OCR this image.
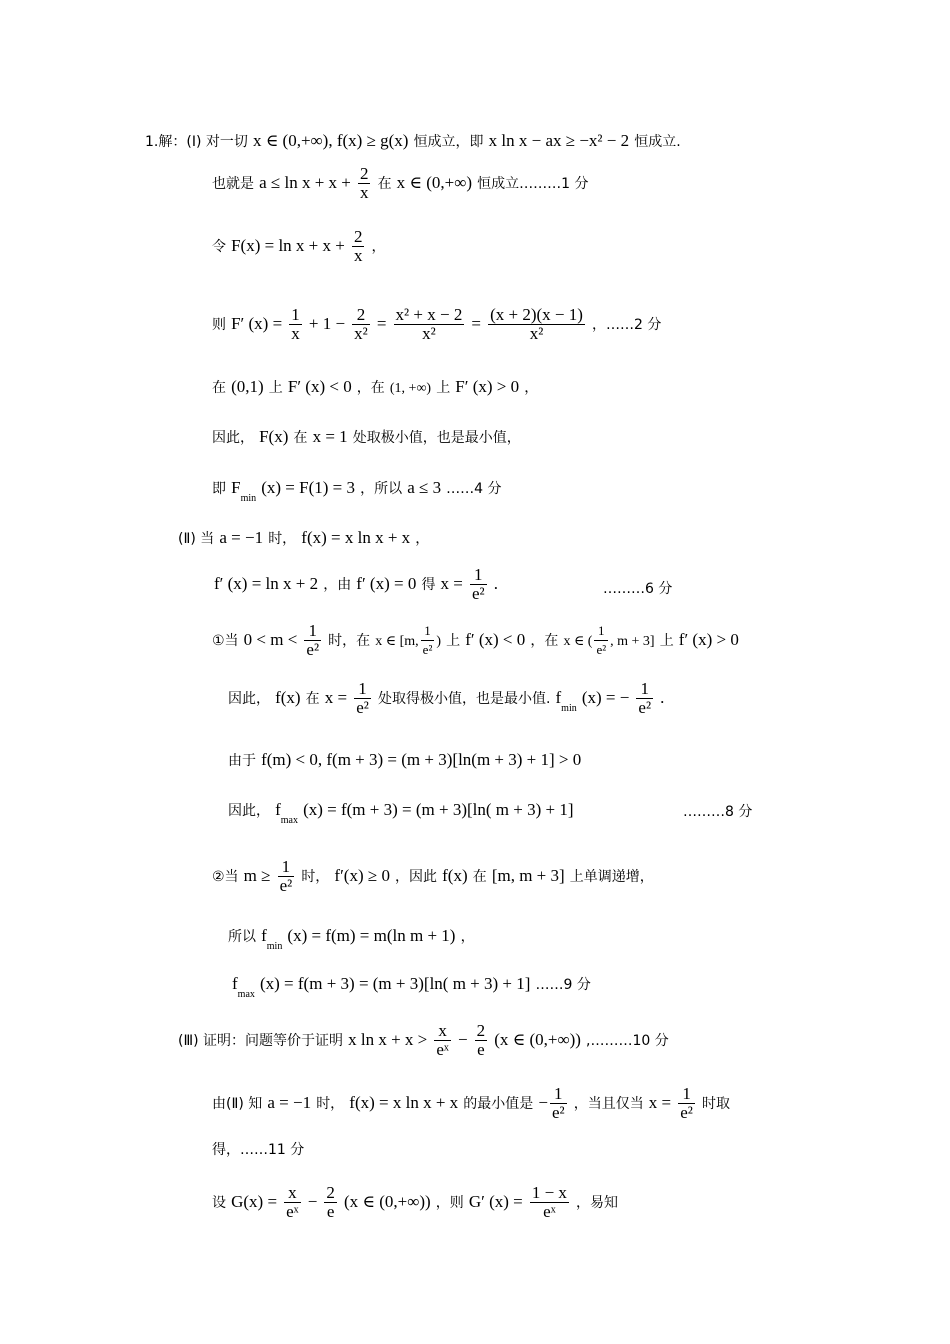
1.解：(Ⅰ) 对一切 x ∈ (0,+∞), f(x) ≥ g(x) 恒成立，即 x ln x − ax ≥ −x² − 2 恒成立.
也就是 $a \le \ln x + x + \frac{2}{x}$ 在 x ∈ (0,+∞) 恒成立………1 分
令 $F(x) = \ln x + x + \frac{2}{x}$ ，
则 F′ $(x) = \frac{1}{x} + 1 - \frac{2}{\text{x²}} = \frac{\text{x² + x − 2}}{\text{x²}} = \frac{(x + 2)(x - 1)}{\text{x²}}$ ，……2 分
在 (0,1) 上 F′ (x) < 0 ，在 (1, +∞) 上 F′ (x) > 0 ，
因此， F(x) 在 x = 1 处取极小值，也是最小值，
即 $F_{min}$ (x) = F(1) = 3 ，所以 a ≤ 3 ……4 分
(Ⅱ) 当 a = −1 时， f(x) = x ln x + x ，
f′ (x) = ln x + 2 ，由 f′ (x) = 0 得 $x = \frac{1}{\text{e²}}$ .	………6 分
①当 $0 < m < \frac{1}{\text{e²}}$ 时，在 x ∈ [m, $\frac{1}{\text{e²}}$ ) 上 f′ (x) < 0 ，在 x ∈ ( $\frac{1}{\text{e²}}$ , m + 3] 上 f′ (x) > 0
因此， f(x) 在 $x = \frac{1}{\text{e²}}$ 处取得极小值，也是最小值. $f_{min}$ (x) = − $\frac{1}{\text{e²}}$ .
由于 f(m) < 0, f(m + 3) = (m + 3)[ln(m + 3) + 1] > 0
因此， $f_{max}$ (x) = f(m + 3) = (m + 3)[ln( m + 3) + 1]	………8 分
②当 $m \ge \frac{1}{\text{e²}}$ 时， f′(x) ≥ 0 ，因此 f(x) 在 [m, m + 3] 上单调递增，
所以 $f_{min}$ (x) = f(m) = m(ln m + 1) ，
$f_{max}$ (x) = f(m + 3) = (m + 3)[ln( m + 3) + 1] ……9 分
(Ⅲ) 证明：问题等价于证明 x $\ln x + x > \frac{x}{\text{eˣ}} - \frac{2}{e} (x$ ∈ (0,+∞)) ,………10 分
由(Ⅱ) 知 a = −1 时， f(x) = x ln x + x 的最小值是 − $\frac{1}{\text{e²}}$ ，当且仅当 $x = \frac{1}{\text{e²}}$ 时取
得，……11 分
设 $G(x) = \frac{x}{\text{eˣ}} - \frac{2}{e} (x$ ∈ (0,+∞)) ，则 G′ $(x) = \frac{1 - x}{\text{eˣ}}$ ，易知
